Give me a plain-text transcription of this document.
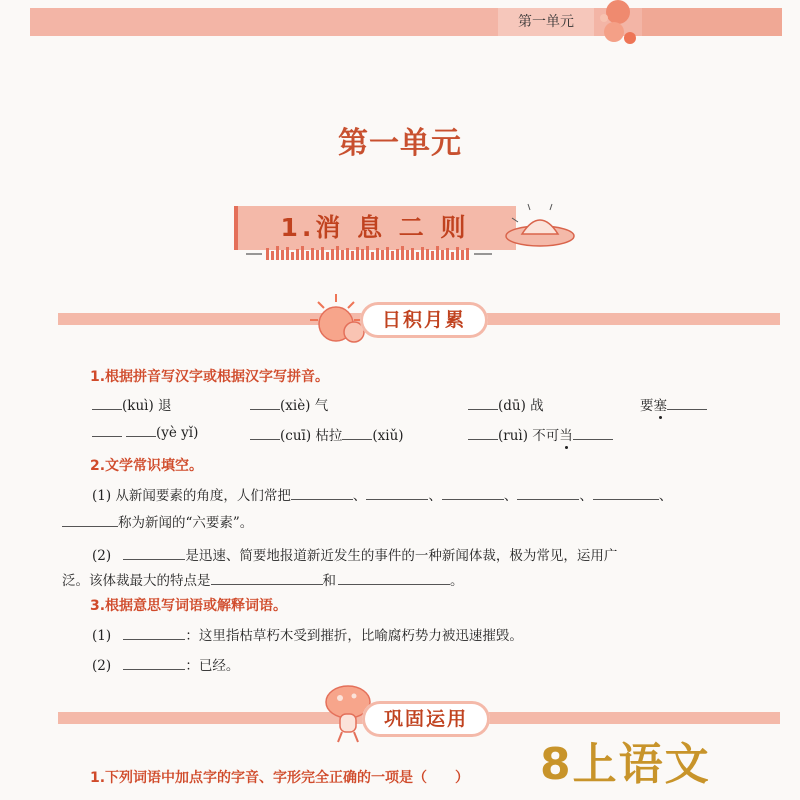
第一单元
第一单元
1.消 息 二 则
日积月累
1.根据拼音写汉字或根据汉字写拼音。
(kuì) 退	(xiè) 气	(dū) 战	要塞
(yè yǐ)	(cuī) 枯拉 (xiǔ)	(ruì) 不可当
2.文学常识填空。
(1) 从新闻要素的角度，人们常把	、	、	、	、	、
称为新闻的“六要素”。
(2)	是迅速、简要地报道新近发生的事件的一种新闻体裁，极为常见，运用广
泛。该体裁最大的特点是	和	。
3.根据意思写词语或解释词语。
(1)	：这里指枯草朽木受到摧折，比喻腐朽势力被迅速摧毁。
(2)	：已经。
巩固运用
1.下列词语中加点字的字音、字形完全正确的一项是（　　） 8上语文
